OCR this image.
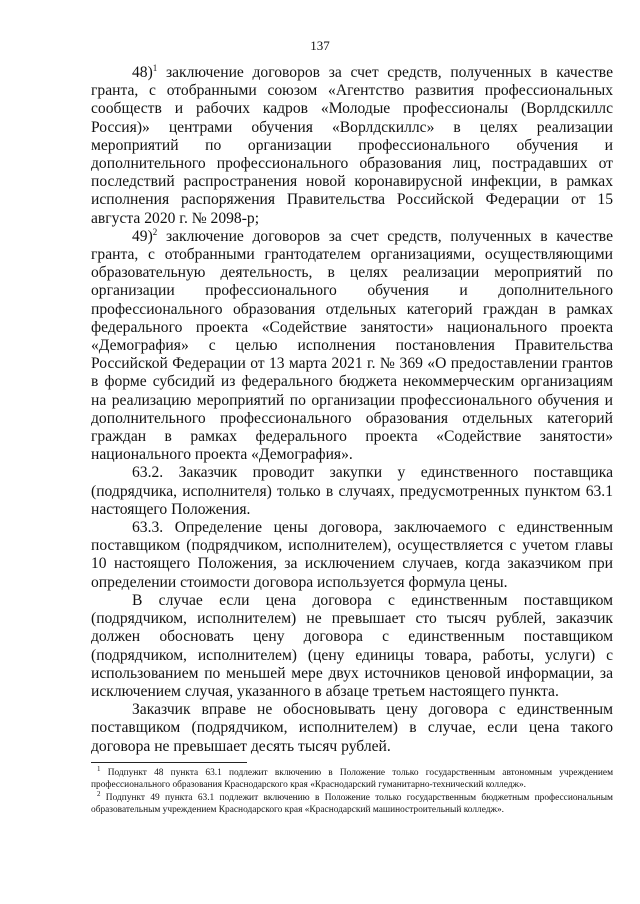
137

48)$^1$ заключение договоров за счет средств, полученных в качестве гранта, с отобранными союзом «Агентство развития профессиональных сообществ и рабочих кадров «Молодые профессионалы (Ворлдскиллс Россия)» центрами обучения «Ворлдскиллс» в целях реализации мероприятий по организации профессионального обучения и дополнительного профессионального образования лиц, пострадавших от последствий распространения новой коронавирусной инфекции, в рамках исполнения распоряжения Правительства Российской Федерации от 15 августа 2020 г. № 2098-р;

49)$^2$ заключение договоров за счет средств, полученных в качестве гранта, с отобранными грантодателем организациями, осуществляющими образовательную деятельность, в целях реализации мероприятий по организации профессионального обучения и дополнительного профессионального образования отдельных категорий граждан в рамках федерального проекта «Содействие занятости» национального проекта «Демография» с целью исполнения постановления Правительства Российской Федерации от 13 марта 2021 г. № 369 «О предоставлении грантов в форме субсидий из федерального бюджета некоммерческим организациям на реализацию мероприятий по организации профессионального обучения и дополнительного профессионального образования отдельных категорий граждан в рамках федерального проекта «Содействие занятости» национального проекта «Демография».

63.2. Заказчик проводит закупки у единственного поставщика (подрядчика, исполнителя) только в случаях, предусмотренных пунктом 63.1 настоящего Положения.

63.3. Определение цены договора, заключаемого с единственным поставщиком (подрядчиком, исполнителем), осуществляется с учетом главы 10 настоящего Положения, за исключением случаев, когда заказчиком при определении стоимости договора используется формула цены.

В случае если цена договора с единственным поставщиком (подрядчиком, исполнителем) не превышает сто тысяч рублей, заказчик должен обосновать цену договора с единственным поставщиком (подрядчиком, исполнителем) (цену единицы товара, работы, услуги) с использованием по меньшей мере двух источников ценовой информации, за исключением случая, указанного в абзаце третьем настоящего пункта.

Заказчик вправе не обосновывать цену договора с единственным поставщиком (подрядчиком, исполнителем) в случае, если цена такого договора не превышает десять тысяч рублей.

$^1$ Подпункт 48 пункта 63.1 подлежит включению в Положение только государственным автономным учреждением профессионального образования Краснодарского края «Краснодарский гуманитарно-технический колледж».

$^2$ Подпункт 49 пункта 63.1 подлежит включению в Положение только государственным бюджетным профессиональным образовательным учреждением Краснодарского края «Краснодарский машиностроительный колледж».
